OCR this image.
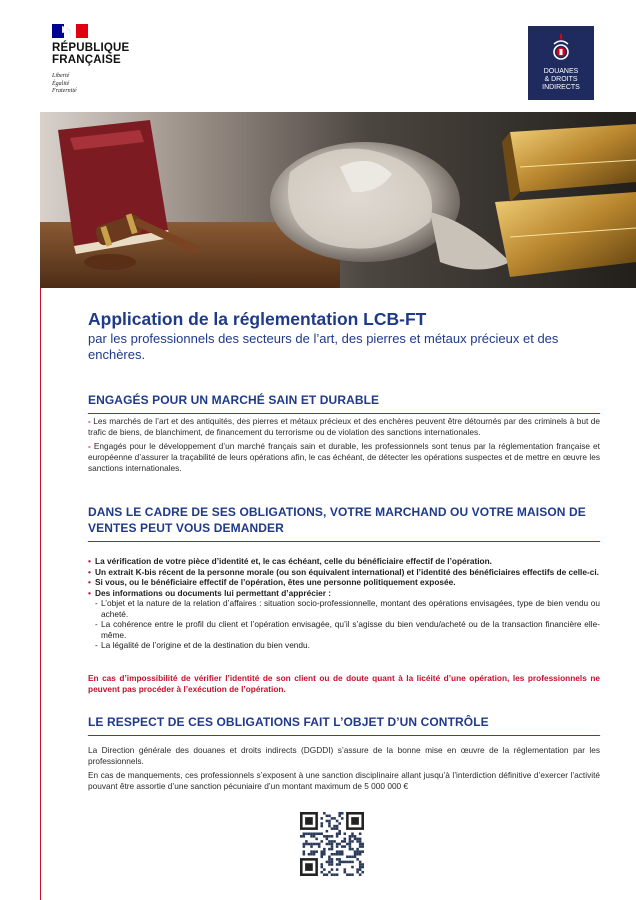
RÉPUBLIQUE
FRANÇAISE
Liberté
Égalité
Fraternité
DOUANES
& DROITS
INDIRECTS
Application de la réglementation LCB-FT
par les professionnels des secteurs de l’art, des pierres et métaux précieux et des enchères.
ENGAGÉS POUR UN MARCHÉ SAIN ET DURABLE

- Les marchés de l’art et des antiquités, des pierres et métaux précieux et des enchères peuvent être détournés par des criminels à but de trafic de biens, de blanchiment, de financement du terrorisme ou de violation des sanctions internationales.

- Engagés pour le développement d’un marché français sain et durable, les professionnels sont tenus par la réglementation française et européenne d’assurer la traçabilité de leurs opérations afin, le cas échéant, de détecter les opérations suspectes et de mettre en œuvre les sanctions internationales.

DANS LE CADRE DE SES OBLIGATIONS, VOTRE MARCHAND OU VOTRE MAISON DE VENTES PEUT VOUS DEMANDER
• La vérification de votre pièce d’identité et, le cas échéant, celle du bénéficiaire effectif de l’opération.
• Un extrait K-bis récent de la personne morale (ou son équivalent international) et l’identité des bénéficiaires effectifs de celle-ci.
• Si vous, ou le bénéficiaire effectif de l’opération, êtes une personne politiquement exposée.
• Des informations ou documents lui permettant d’apprécier :
- L’objet et la nature de la relation d’affaires : situation socio-professionnelle, montant des opérations envisagées, type de bien vendu ou acheté.
- La cohérence entre le profil du client et l’opération envisagée, qu’il s’agisse du bien vendu/acheté ou de la transaction financière elle-même.
- La légalité de l’origine et de la destination du bien vendu.
En cas d’impossibilité de vérifier l’identité de son client ou de doute quant à la licéité d’une opération, les professionnels ne peuvent pas procéder à l’exécution de l’opération.
LE RESPECT DE CES OBLIGATIONS FAIT L’OBJET D’UN CONTRÔLE

La Direction générale des douanes et droits indirects (DGDDI) s’assure de la bonne mise en œuvre de la réglementation par les professionnels.

En cas de manquements, ces professionnels s’exposent à une sanction disciplinaire allant jusqu’à l’interdiction définitive d’exercer l’activité pouvant être assortie d’une sanction pécuniaire d’un montant maximum de 5 000 000 €
